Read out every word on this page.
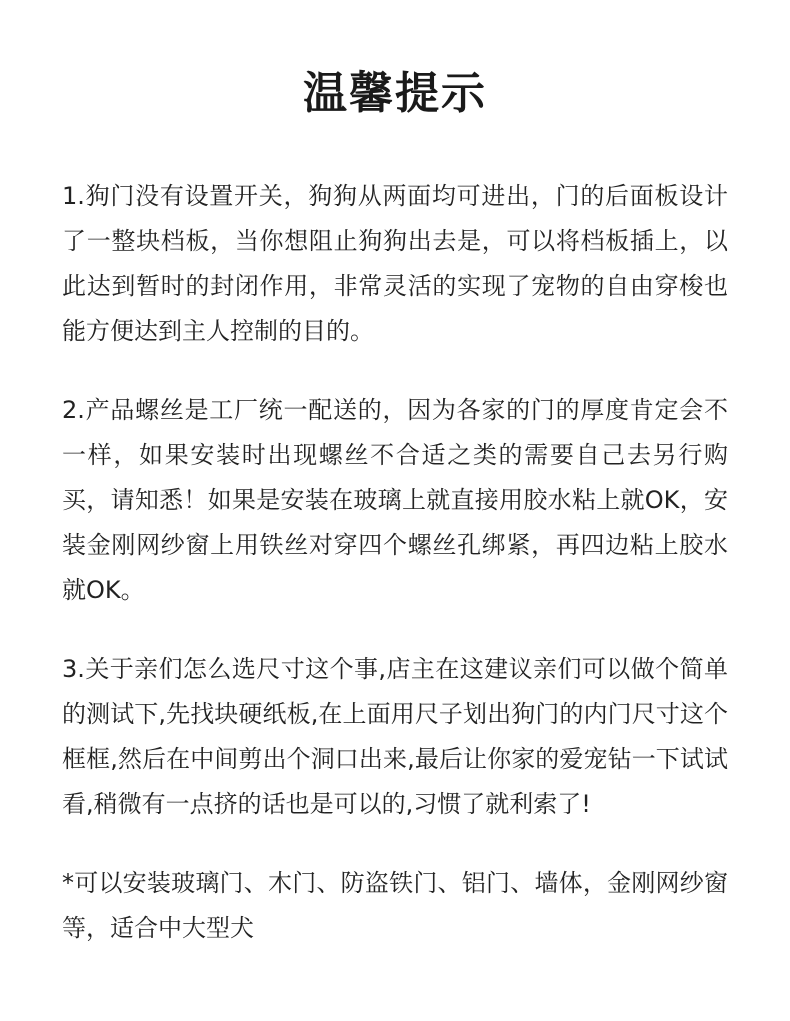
温馨提示

1.狗门没有设置开关，狗狗从两面均可进出，门的后面板设计了一整块档板，当你想阻止狗狗出去是，可以将档板插上，以此达到暂时的封闭作用，非常灵活的实现了宠物的自由穿梭也能方便达到主人控制的目的。

2.产品螺丝是工厂统一配送的，因为各家的门的厚度肯定会不一样，如果安装时出现螺丝不合适之类的需要自己去另行购买，请知悉！如果是安装在玻璃上就直接用胶水粘上就OK，安装金刚网纱窗上用铁丝对穿四个螺丝孔绑紧，再四边粘上胶水就OK。

3.关于亲们怎么选尺寸这个事,店主在这建议亲们可以做个简单的测试下,先找块硬纸板,在上面用尺子划出狗门的内门尺寸这个框框,然后在中间剪出个洞口出来,最后让你家的爱宠钻一下试试看,稍微有一点挤的话也是可以的,习惯了就利索了!

*可以安装玻璃门、木门、防盗铁门、铝门、墙体，金刚网纱窗等，适合中大型犬
